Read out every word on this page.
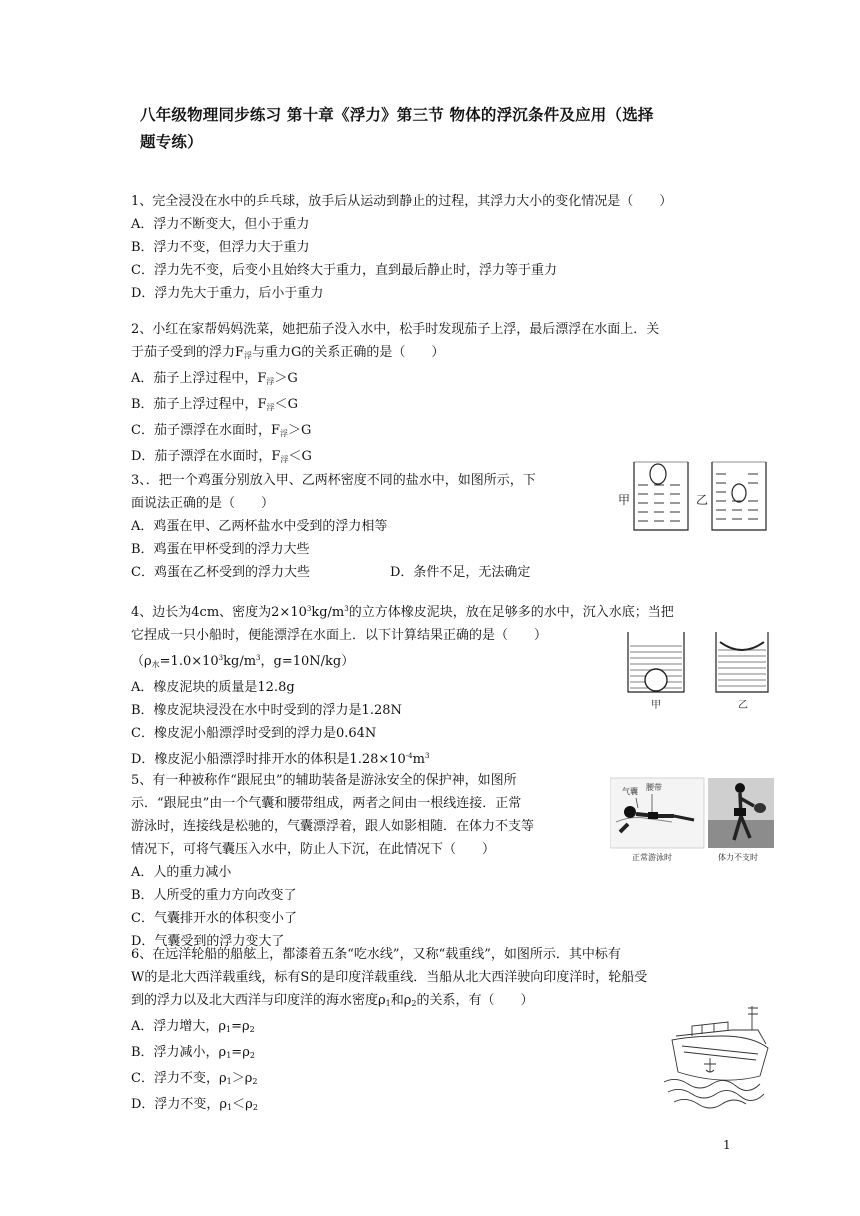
八年级物理同步练习 第十章《浮力》第三节 物体的浮沉条件及应用（选择
题专练）
1、完全浸没在水中的乒乓球，放手后从运动到静止的过程，其浮力大小的变化情况是（　　）
A．浮力不断变大，但小于重力
B．浮力不变，但浮力大于重力
C．浮力先不变，后变小且始终大于重力，直到最后静止时，浮力等于重力
D．浮力先大于重力，后小于重力
2、小红在家帮妈妈洗菜，她把茄子没入水中，松手时发现茄子上浮，最后漂浮在水面上．关
于茄子受到的浮力$F_浮$与重力G的关系正确的是（　　）
A．茄子上浮过程中，$F_浮>G$
B．茄子上浮过程中，$F_浮<G$
C．茄子漂浮在水面时，$F_浮>G$
D．茄子漂浮在水面时，$F_浮<G$
3、．把一个鸡蛋分别放入甲、乙两杯密度不同的盐水中，如图所示，下
面说法正确的是（　　）
A．鸡蛋在甲、乙两杯盐水中受到的浮力相等
B．鸡蛋在甲杯受到的浮力大些
C．鸡蛋在乙杯受到的浮力大些	D．条件不足，无法确定
甲	乙
4、边长为4cm、密度为$2\times 10^3kg/m^3$的立方体橡皮泥块，放在足够多的水中，沉入水底；当把
它捏成一只小船时，便能漂浮在水面上．以下计算结果正确的是（　　）
（$\rho_水=1.0\times 10^3kg/m^3$，g=10N/kg）
A．橡皮泥块的质量是12.8g
B．橡皮泥块浸没在水中时受到的浮力是1.28N
C．橡皮泥小船漂浮时受到的浮力是0.64N
D．橡皮泥小船漂浮时排开水的体积是$1.28\times 10^{-4}m^3$
甲	乙
5、有一种被称作“跟屁虫”的辅助装备是游泳安全的保护神，如图所
示．“跟屁虫”由一个气囊和腰带组成，两者之间由一根线连接．正常
游泳时，连接线是松驰的，气囊漂浮着，跟人如影相随．在体力不支等
情况下，可将气囊压入水中，防止人下沉，在此情况下（　　）
A．人的重力减小
B．人所受的重力方向改变了
C．气囊排开水的体积变小了
D．气囊受到的浮力变大了
气囊 腰带
正常游泳时	体力不支时
6、在远洋轮船的船舷上，都漆着五条“吃水线”，又称“载重线”，如图所示．其中标有
W的是北大西洋载重线，标有S的是印度洋载重线．当船从北大西洋驶向印度洋时，轮船受
到的浮力以及北大西洋与印度洋的海水密度$\rho_1$和$\rho_2$的关系，有（　　）
A．浮力增大，$\rho_1=\rho_2$
B．浮力减小，$\rho_1=\rho_2$
C．浮力不变，$\rho_1>\rho_2$
D．浮力不变，$\rho_1<\rho_2$
1
